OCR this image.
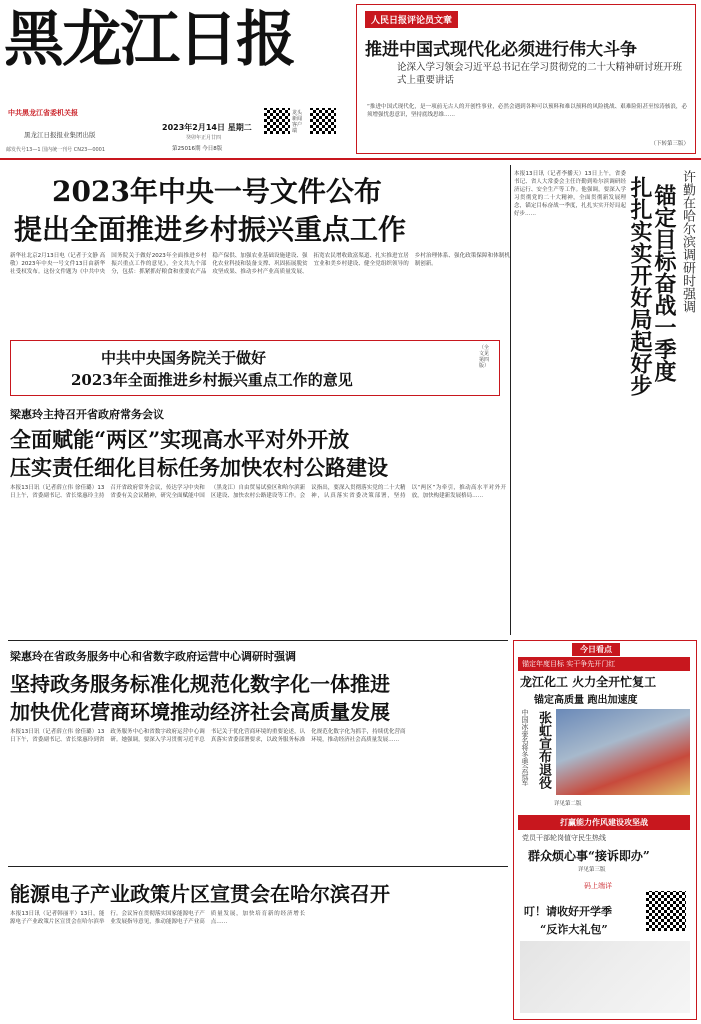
黑龙江日报
中共黑龙江省委机关报
黑龙江日报报业集团出版
邮发代号13—1 国内统一刊号 CN23—0001
2023年2月14日 星期二
癸卯年正月廿四
第25016期 今日8版
龙头新闻客户端
人民日报评论员文章
推进中国式现代化必须进行伟大斗争
论深入学习领会习近平总书记在学习贯彻党的二十大精神研讨班开班式上重要讲话
“推进中国式现代化，是一项前无古人的开创性事业，必然会遇到各种可以预料和难以预料的风险挑战、艰难险阻甚至惊涛骇浪，必须增强忧患意识，坚持底线思维……
（下转第三版）
2023年中央一号文件公布
提出全面推进乡村振兴重点工作
新华社北京2月13日电（记者于文静 高敬）2023年中央一号文件13日由新华社受权发布。这份文件题为《中共中央 国务院关于做好2023年全面推进乡村振兴重点工作的意见》，全文共九个部分，包括：抓紧抓好粮食和重要农产品稳产保供、加强农业基础设施建设、强化农业科技和装备支撑、巩固拓展脱贫攻坚成果、推动乡村产业高质量发展、拓宽农民增收致富渠道、扎实推进宜居宜业和美乡村建设、健全党组织领导的乡村治理体系、强化政策保障和体制机制创新。
中共中央国务院关于做好
2023年全面推进乡村振兴重点工作的意见
（全文见第四版）
梁惠玲主持召开省政府常务会议
全面赋能“两区”实现高水平对外开放
压实责任细化目标任务加快农村公路建设
本报13日讯（记者薛立伟 徐佳璐）13日上午，省委副书记、省长梁惠玲主持召开省政府常务会议，传达学习中央和省委有关会议精神，研究全面赋能中国（黑龙江）自由贸易试验区和哈尔滨新区建设、加快农村公路建设等工作。会议指出，要深入贯彻落实党的二十大精神，认真落实省委决策部署，坚持以“两区”为牵引，推动高水平对外开放，加快构建新发展格局……
梁惠玲在省政务服务中心和省数字政府运营中心调研时强调
坚持政务服务标准化规范化数字化一体推进
加快优化营商环境推动经济社会高质量发展
本报13日讯（记者薛立伟 徐佳璐）13日下午，省委副书记、省长梁惠玲到省政务服务中心和省数字政府运营中心调研。她强调，要深入学习贯彻习近平总书记关于优化营商环境的重要论述，认真落实省委部署要求，以政务服务标准化规范化数字化为抓手，持续优化营商环境，推动经济社会高质量发展……
能源电子产业政策片区宣贯会在哈尔滨召开
本报13日讯（记者韩丽平）13日，能源电子产业政策片区宣贯会在哈尔滨举行。会议旨在贯彻落实国家能源电子产业发展指导意见，推动能源电子产业高质量发展，加快培育新的经济增长点……
本报13日讯（记者李播天）13日上午，省委书记、省人大常委会主任许勤到哈尔滨调研经济运行、安全生产等工作。他强调，要深入学习贯彻党的二十大精神，全面贯彻新发展理念，锚定目标奋战一季度，扎扎实实开好局起好步……	许勤在哈尔滨调研时强调
锚定目标奋战一季度
扎扎实实开好局起好步
今日看点
锚定年度目标 实干争先开门红
龙江化工 火力全开忙复工
锚定高质量 跑出加速度
中国冰壶名将冬奥会冠军 张虹宣布退役
详见第二版
打赢能力作风建设攻坚战
党员干部轮岗值守民生热线
群众烦心事“接诉即办”
详见第三版
码上端详
叮！请收好开学季
“反诈大礼包”
